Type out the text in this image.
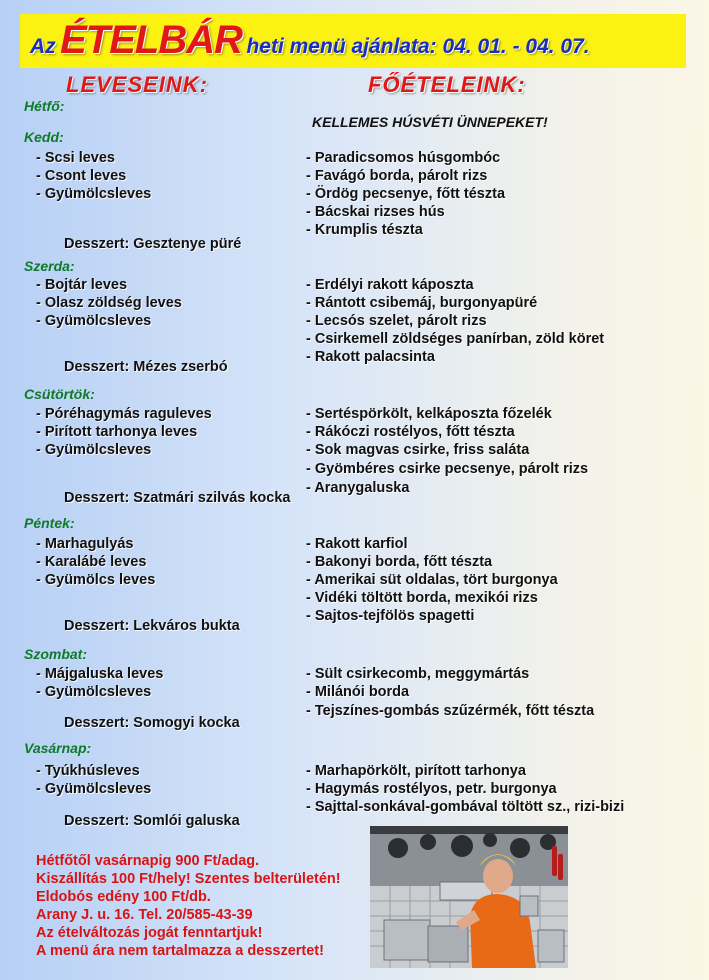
Az ÉTELBÁR heti menü ajánlata: 04. 01. - 04. 07.
LEVESEINK:	FŐÉTELEINK:
KELLEMES HÚSVÉTI ÜNNEPEKET!
Hétfő:
Kedd:
- Scsi leves
- Csont leves
- Gyümölcsleves
- Paradicsomos húsgombóc
- Favágó borda, párolt rizs
- Ördög pecsenye, főtt tészta
- Bácskai rizses hús
- Krumplis tészta
Desszert: Gesztenye püré
Szerda:
- Bojtár leves
- Olasz zöldség leves
- Gyümölcsleves
- Erdélyi rakott káposzta
- Rántott csibemáj, burgonyapüré
- Lecsós szelet, párolt rizs
- Csirkemell zöldséges panírban, zöld köret
- Rakott palacsinta
Desszert: Mézes zserbó
Csütörtök:
- Póréhagymás raguleves
- Pirított tarhonya leves
- Gyümölcsleves
- Sertéspörkölt, kelkáposzta főzelék
- Rákóczi rostélyos, főtt tészta
- Sok magvas csirke, friss saláta
- Gyömbéres csirke pecsenye, párolt rizs
- Aranygaluska
Desszert: Szatmári szilvás kocka
Péntek:
- Marhagulyás
- Karalábé leves
- Gyümölcs leves
- Rakott karfiol
- Bakonyi borda, főtt tészta
- Amerikai süt oldalas, tört burgonya
- Vidéki töltött borda, mexikói rizs
- Sajtos-tejfölös spagetti
Desszert: Lekváros bukta
Szombat:
- Májgaluska leves
- Gyümölcsleves
- Sült csirkecomb, meggymártás
- Milánói borda
- Tejszínes-gombás szűzérmék, főtt tészta
Desszert: Somogyi kocka
Vasárnap:
- Tyúkhúsleves
- Gyümölcsleves
- Marhapörkölt, pirított tarhonya
- Hagymás rostélyos, petr. burgonya
- Sajttal-sonkával-gombával töltött sz., rizi-bizi
Desszert: Somlói galuska
Hétfőtől vasárnapig 900 Ft/adag.
Kiszállítás 100 Ft/hely! Szentes belterületén!
Eldobós edény 100 Ft/db.
Arany J. u. 16. Tel. 20/585-43-39
Az ételváltozás jogát fenntartjuk!
A menü ára nem tartalmazza a desszertet!
